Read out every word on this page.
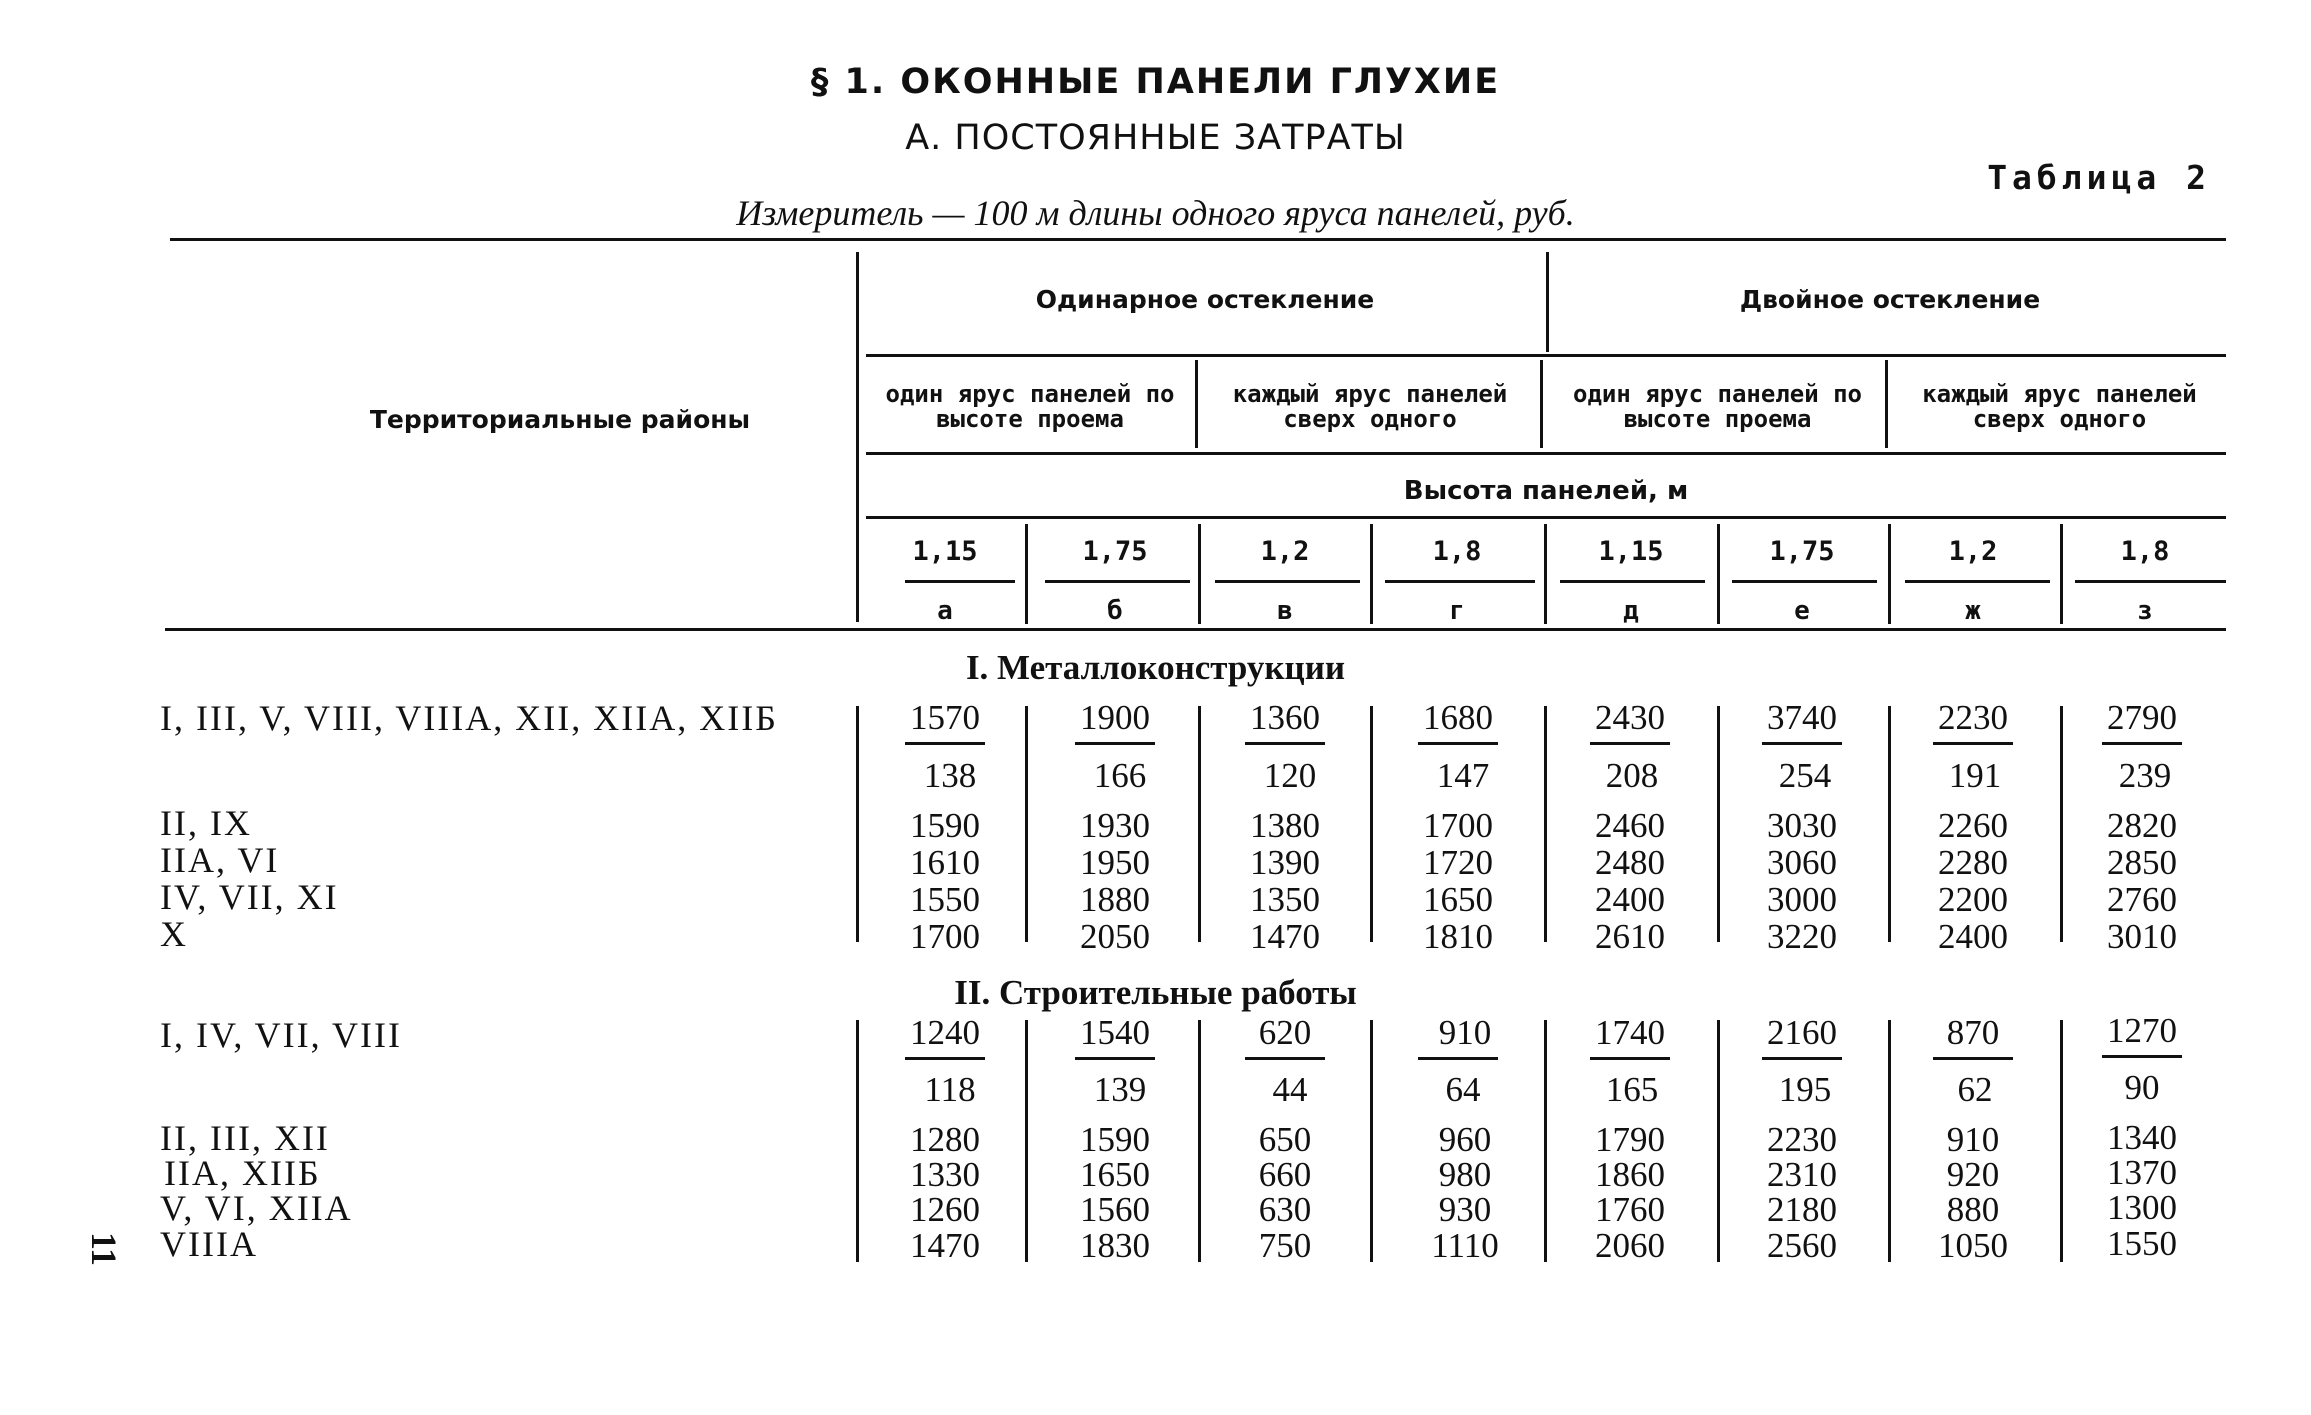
§ 1. ОКОННЫЕ ПАНЕЛИ ГЛУХИЕ
А. ПОСТОЯННЫЕ ЗАТРАТЫ
Таблица 2
Измеритель — 100 м длины одного яруса панелей, руб.
Территориальные районы
Одинарное остекление	Двойное остекление
один ярус панелей по высоте проема
каждый ярус панелей сверх одного
один ярус панелей по высоте проема
каждый ярус панелей сверх одного
Высота панелей, м
1,15	1,75	1,2	1,8	1,15	1,75	1,2	1,8
а	б	в	г	д	е	ж	з
I. Металлоконструкции
I, III, V, VIII, VIIIA, XII, XIIA, XIIБ	1570	1900	1360	1680	2430	3740	2230	2790
138	166	120	147	208	254	191	239
II, IX	1590	1930	1380	1700	2460	3030	2260	2820
IIA, VI	1610	1950	1390	1720	2480	3060	2280	2850
IV, VII, XI	1550	1880	1350	1650	2400	3000	2200	2760
X	1700	2050	1470	1810	2610	3220	2400	3010
II. Строительные работы
I, IV, VII, VIII	1240	1540	620	910	1740	2160	870	1270
118	139	44	64	165	195	62	90
II, III, XII	1280	1590	650	960	1790	2230	910	1340
IIA, XIIБ	1330	1650	660	980	1860	2310	920	1370
V, VI, XIIA	1260	1560	630	930	1760	2180	880	1300
VIIIA	1470	1830	750	1110	2060	2560	1050	1550
11
